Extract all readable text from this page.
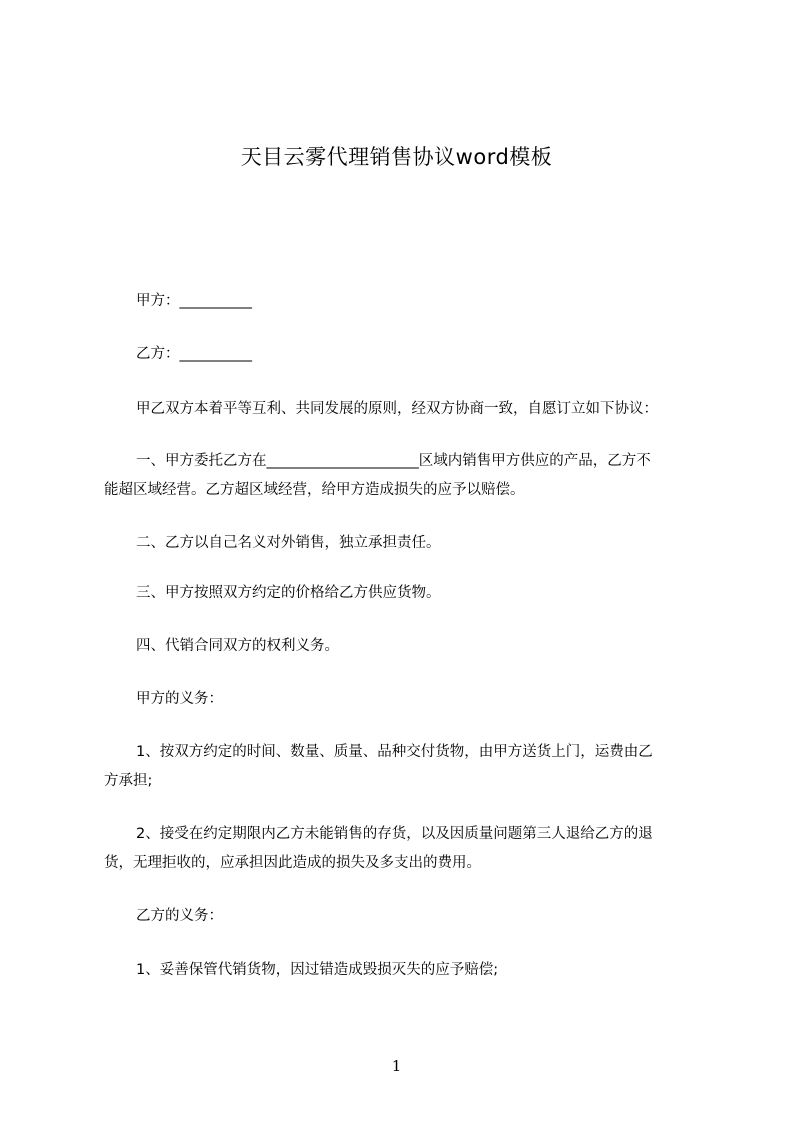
天目云雾代理销售协议word模板
甲方：__________
乙方：__________
甲乙双方本着平等互利、共同发展的原则，经双方协商一致，自愿订立如下协议：
一、甲方委托乙方在_____________________区域内销售甲方供应的产品，乙方不
能超区域经营。乙方超区域经营，给甲方造成损失的应予以赔偿。
二、乙方以自己名义对外销售，独立承担责任。
三、甲方按照双方约定的价格给乙方供应货物。
四、代销合同双方的权利义务。
甲方的义务：
1、按双方约定的时间、数量、质量、品种交付货物，由甲方送货上门，运费由乙
方承担;
2、接受在约定期限内乙方未能销售的存货，以及因质量问题第三人退给乙方的退
货，无理拒收的，应承担因此造成的损失及多支出的费用。
乙方的义务：
1、妥善保管代销货物，因过错造成毁损灭失的应予赔偿;
1
